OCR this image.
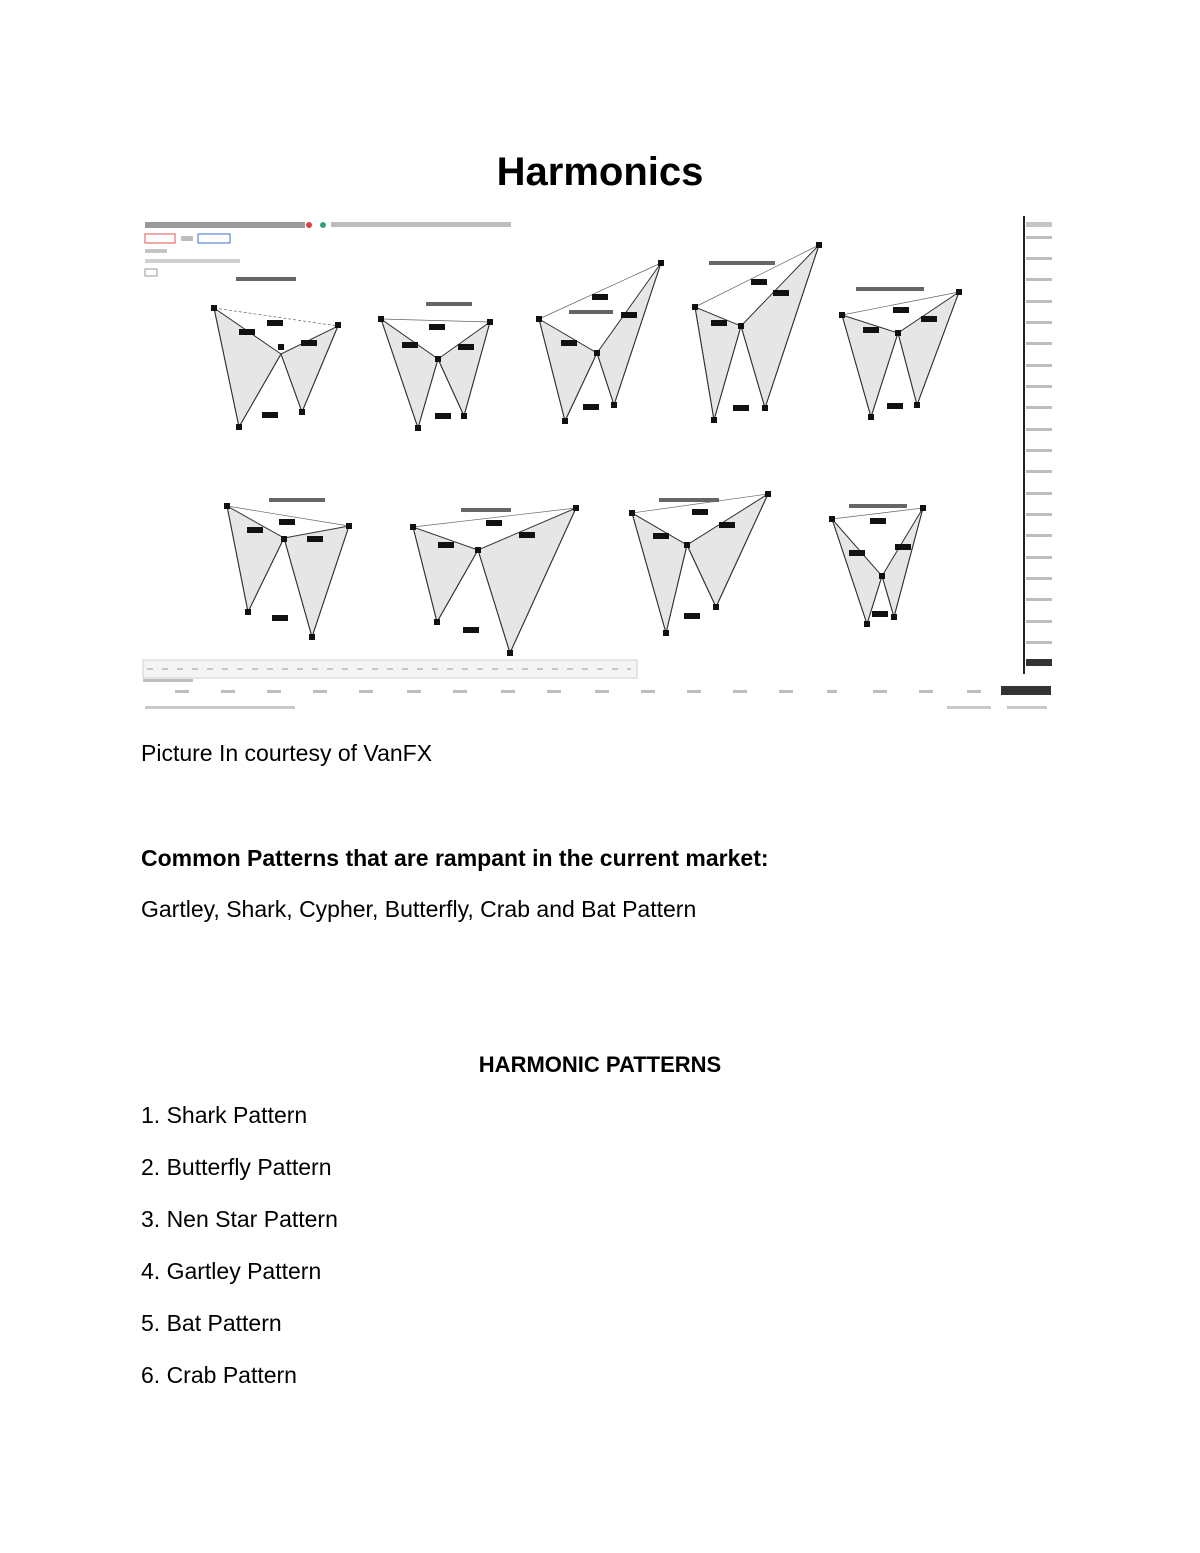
Harmonics

Picture In courtesy of VanFX

Common Patterns that are rampant in the current market:

Gartley, Shark, Cypher, Butterfly, Crab and Bat Pattern

HARMONIC PATTERNS
1. Shark Pattern
2. Butterfly Pattern
3. Nen Star Pattern
4. Gartley Pattern
5. Bat Pattern
6. Crab Pattern
